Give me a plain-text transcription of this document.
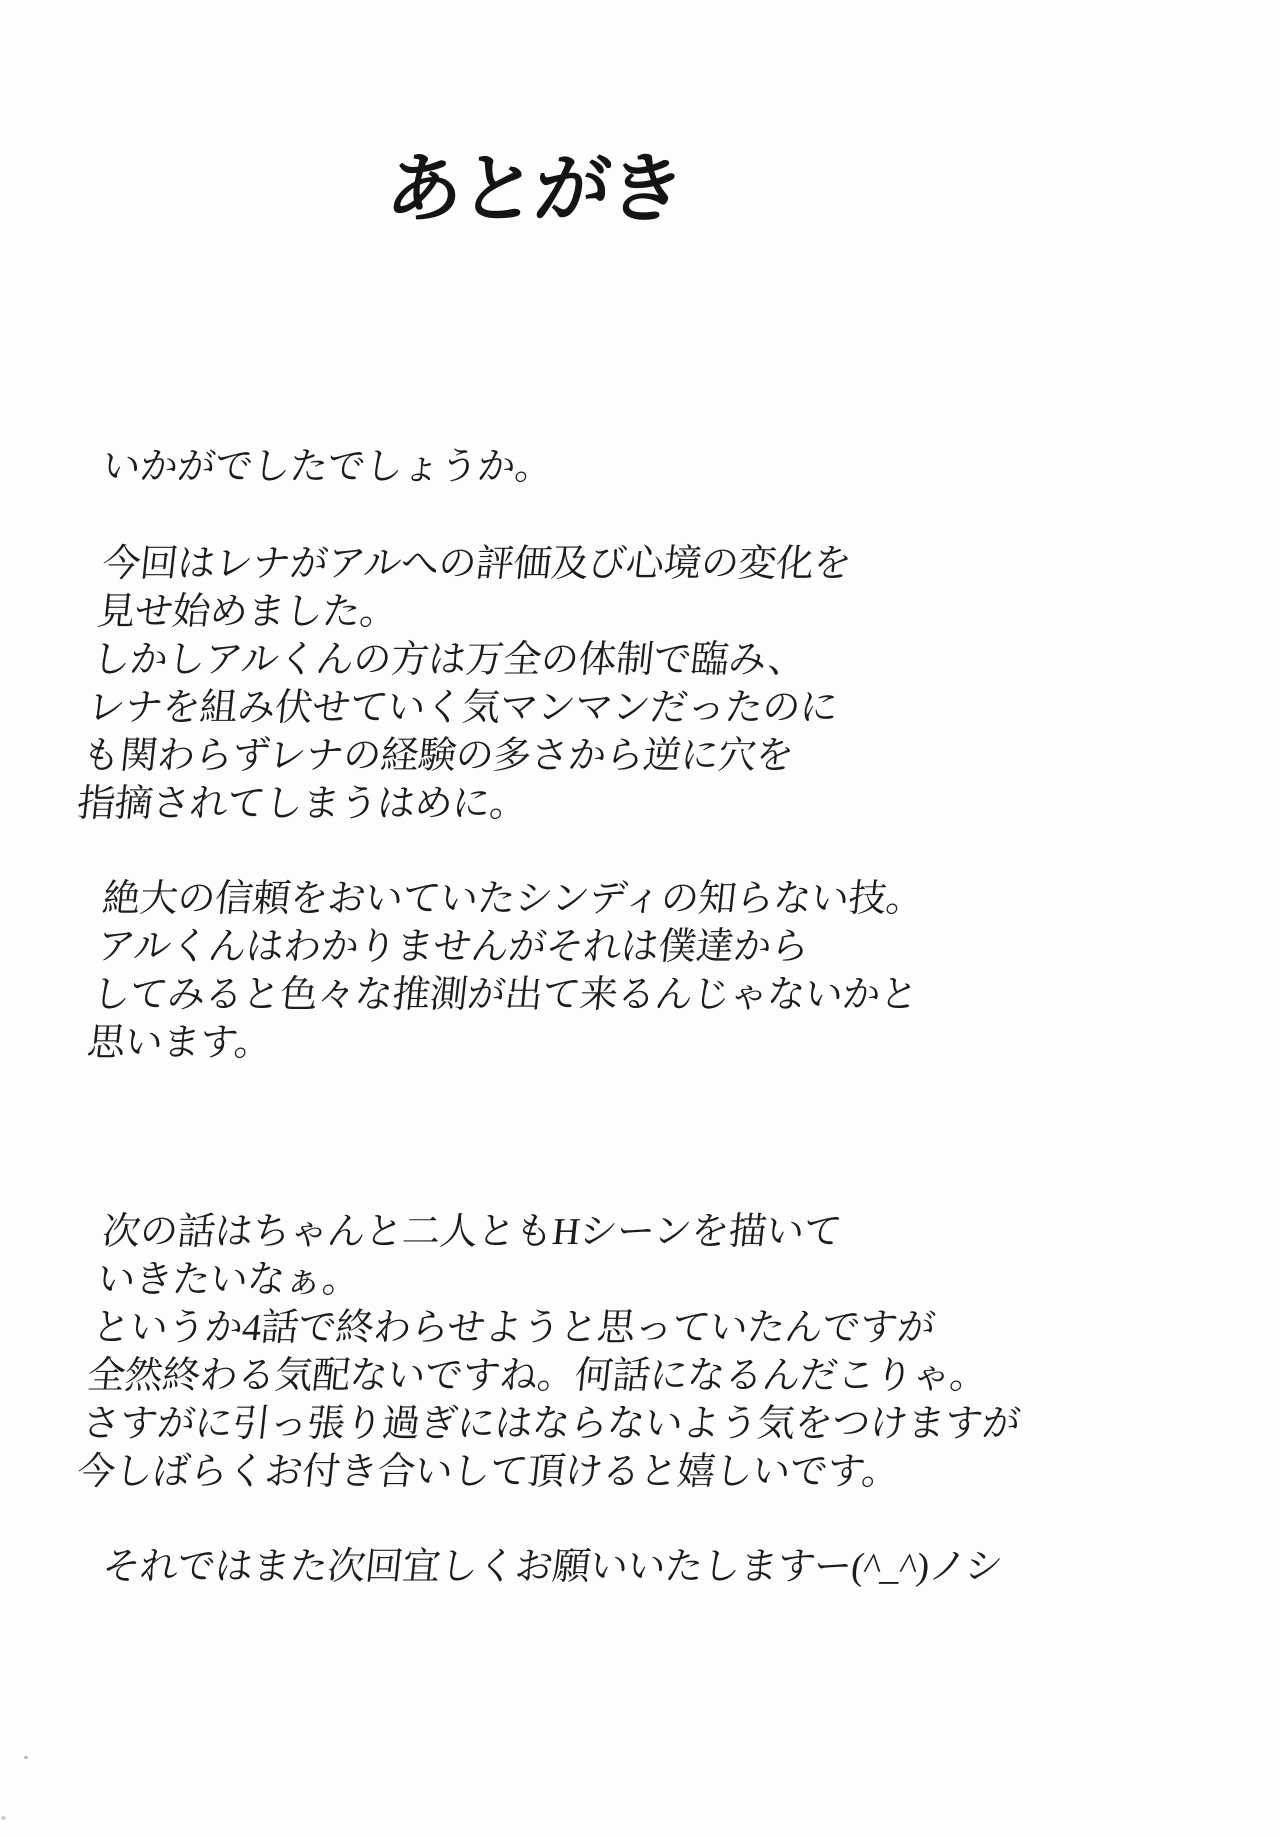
あとがき
いかがでしたでしょうか。
今回はレナがアルへの評価及び心境の変化を
見せ始めました。
しかしアルくんの方は万全の体制で臨み、
レナを組み伏せていく気マンマンだったのに
も関わらずレナの経験の多さから逆に穴を
指摘されてしまうはめに。
絶大の信頼をおいていたシンディの知らない技。
アルくんはわかりませんがそれは僕達から
してみると色々な推測が出て来るんじゃないかと
思います。
次の話はちゃんと二人ともHシーンを描いて
いきたいなぁ。
というか4話で終わらせようと思っていたんですが
全然終わる気配ないですね。何話になるんだこりゃ。
さすがに引っ張り過ぎにはならないよう気をつけますが
今しばらくお付き合いして頂けると嬉しいです。
それではまた次回宜しくお願いいたしますー(^_^)ノシ
